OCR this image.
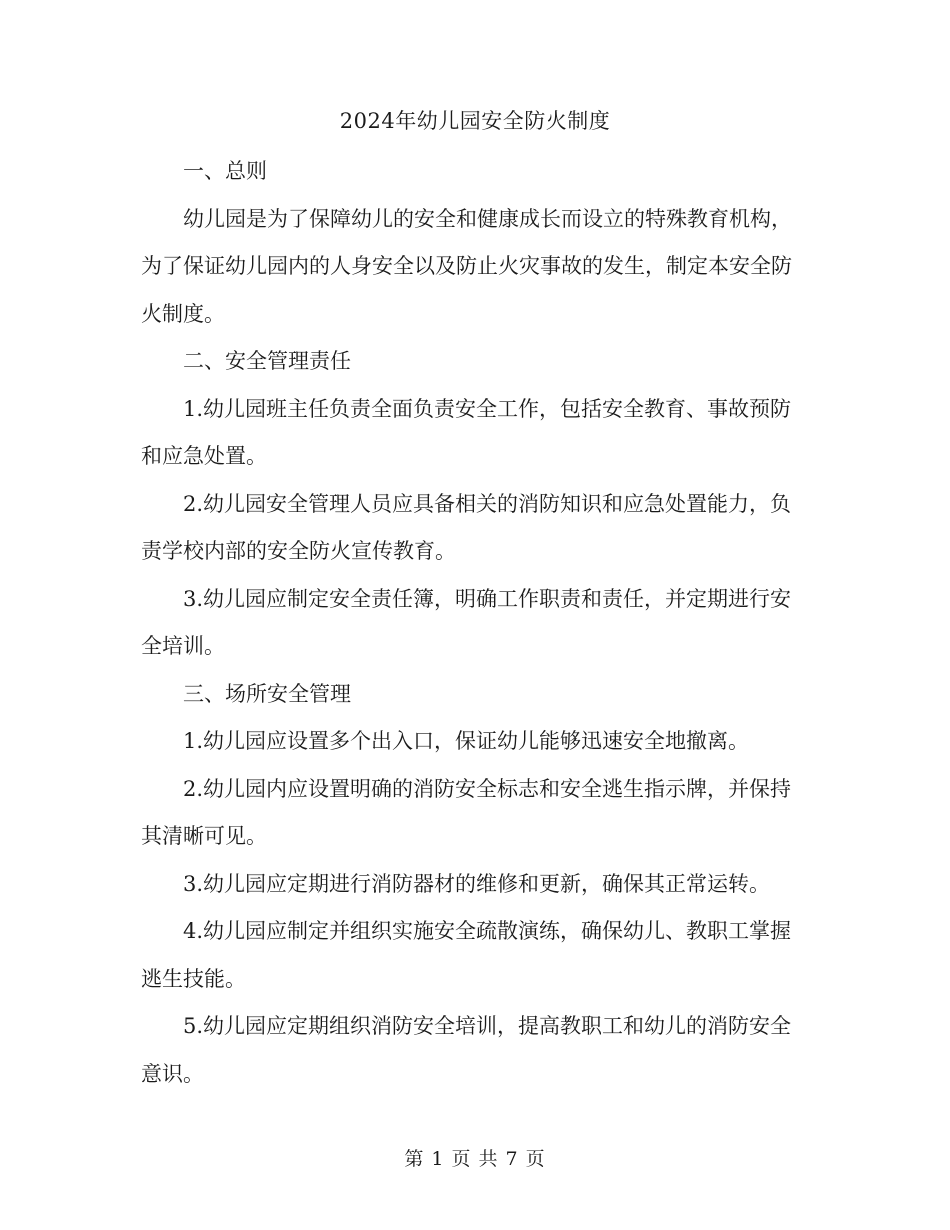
2024年幼儿园安全防火制度

一、总则

幼儿园是为了保障幼儿的安全和健康成长而设立的特殊教育机构，为了保证幼儿园内的人身安全以及防止火灾事故的发生，制定本安全防火制度。

二、安全管理责任

1.幼儿园班主任负责全面负责安全工作，包括安全教育、事故预防和应急处置。

2.幼儿园安全管理人员应具备相关的消防知识和应急处置能力，负责学校内部的安全防火宣传教育。

3.幼儿园应制定安全责任簿，明确工作职责和责任，并定期进行安全培训。

三、场所安全管理

1.幼儿园应设置多个出入口，保证幼儿能够迅速安全地撤离。

2.幼儿园内应设置明确的消防安全标志和安全逃生指示牌，并保持其清晰可见。

3.幼儿园应定期进行消防器材的维修和更新，确保其正常运转。

4.幼儿园应制定并组织实施安全疏散演练，确保幼儿、教职工掌握逃生技能。

5.幼儿园应定期组织消防安全培训，提高教职工和幼儿的消防安全意识。

第 1 页 共 7 页
